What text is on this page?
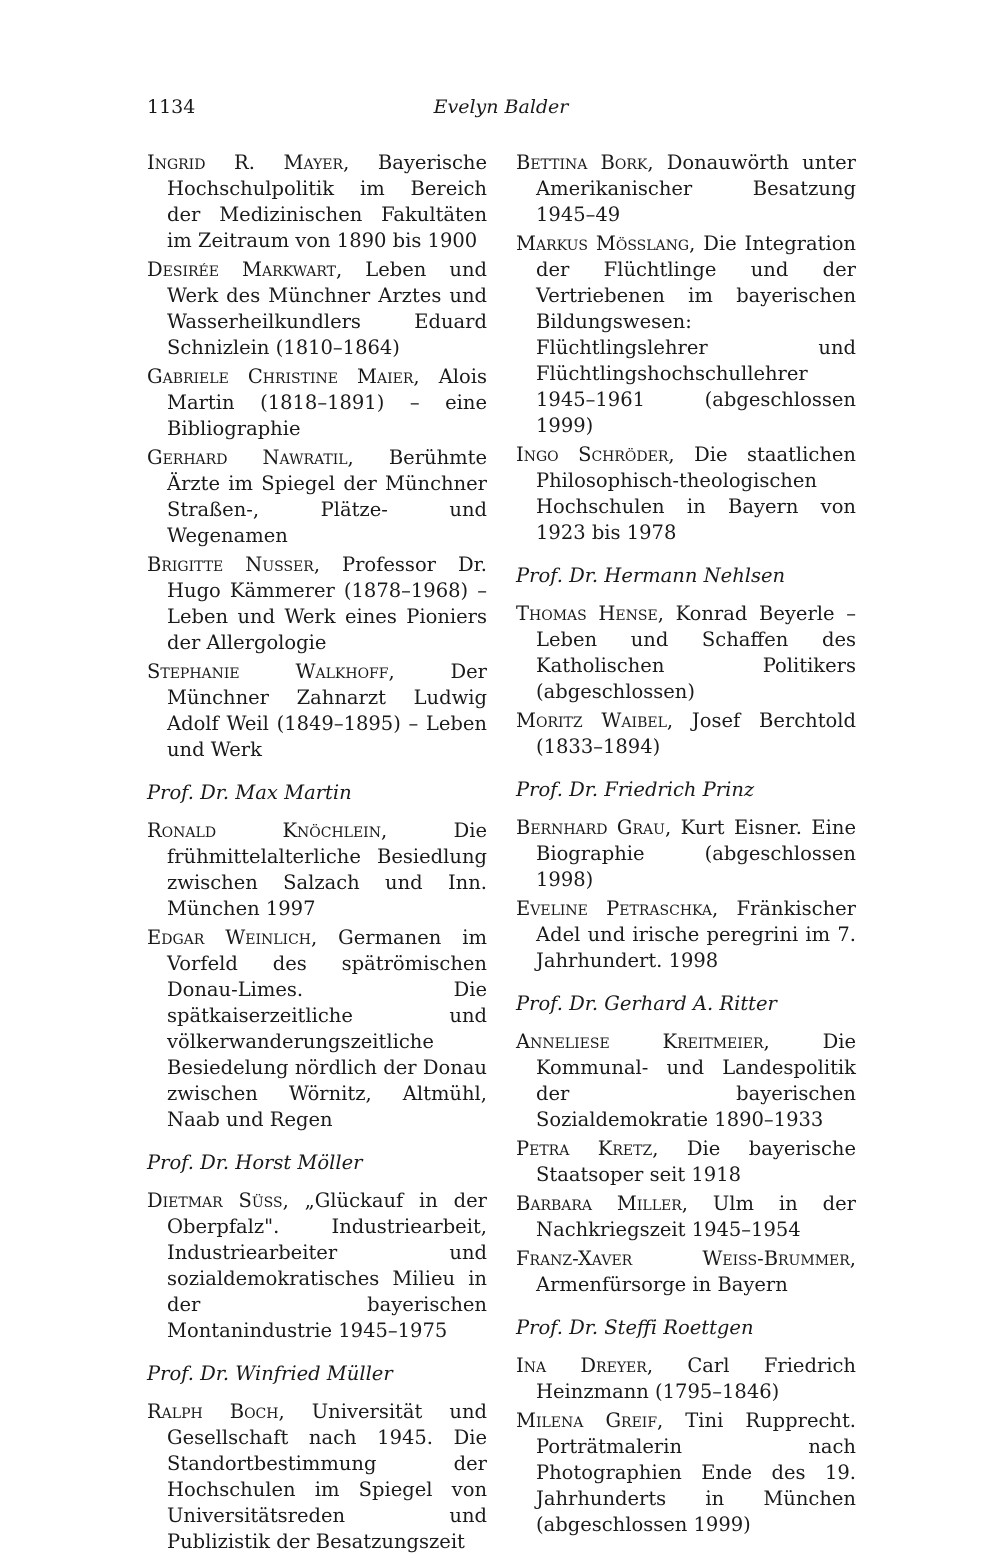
1134	Evelyn Balder

Ingrid R. Mayer, Bayerische Hochschulpolitik im Bereich der Medizinischen Fakultäten im Zeitraum von 1890 bis 1900

Desirée Markwart, Leben und Werk des Münchner Arztes und Wasserheilkundlers Eduard Schnizlein (1810–1864)

Gabriele Christine Maier, Alois Martin (1818–1891) – eine Bibliographie

Gerhard Nawratil, Berühmte Ärzte im Spiegel der Münchner Straßen-, Plätze- und Wegenamen

Brigitte Nusser, Professor Dr. Hugo Kämmerer (1878–1968) – Leben und Werk eines Pioniers der Allergologie

Stephanie Walkhoff, Der Münchner Zahnarzt Ludwig Adolf Weil (1849–1895) – Leben und Werk

Prof. Dr. Max Martin

Ronald Knöchlein, Die frühmittelalterliche Besiedlung zwischen Salzach und Inn. München 1997

Edgar Weinlich, Germanen im Vorfeld des spätrömischen Donau-Limes. Die spätkaiserzeitliche und völkerwanderungszeitliche Besiedelung nördlich der Donau zwischen Wörnitz, Altmühl, Naab und Regen

Prof. Dr. Horst Möller

Dietmar Süss, „Glückauf in der Oberpfalz". Industriearbeit, Industriearbeiter und sozialdemokratisches Milieu in der bayerischen Montanindustrie 1945–1975

Prof. Dr. Winfried Müller

Ralph Boch, Universität und Gesellschaft nach 1945. Die Standortbestimmung der Hochschulen im Spiegel von Universitätsreden und Publizistik der Besatzungszeit

Bettina Bork, Donauwörth unter Amerikanischer Besatzung 1945–49

Markus Mösslang, Die Integration der Flüchtlinge und der Vertriebenen im bayerischen Bildungswesen: Flüchtlingslehrer und Flüchtlingshochschullehrer 1945–1961 (abgeschlossen 1999)

Ingo Schröder, Die staatlichen Philosophisch-theologischen Hochschulen in Bayern von 1923 bis 1978

Prof. Dr. Hermann Nehlsen

Thomas Hense, Konrad Beyerle – Leben und Schaffen des Katholischen Politikers (abgeschlossen)

Moritz Waibel, Josef Berchtold (1833–1894)

Prof. Dr. Friedrich Prinz

Bernhard Grau, Kurt Eisner. Eine Biographie (abgeschlossen 1998)

Eveline Petraschka, Fränkischer Adel und irische peregrini im 7. Jahrhundert. 1998

Prof. Dr. Gerhard A. Ritter

Anneliese Kreitmeier, Die Kommunal- und Landespolitik der bayerischen Sozialdemokratie 1890–1933

Petra Kretz, Die bayerische Staatsoper seit 1918

Barbara Miller, Ulm in der Nachkriegszeit 1945–1954

Franz-Xaver Weiss-Brummer, Armenfürsorge in Bayern

Prof. Dr. Steffi Roettgen

Ina Dreyer, Carl Friedrich Heinzmann (1795–1846)

Milena Greif, Tini Rupprecht. Porträtmalerin nach Photographien Ende des 19. Jahrhunderts in München (abgeschlossen 1999)
